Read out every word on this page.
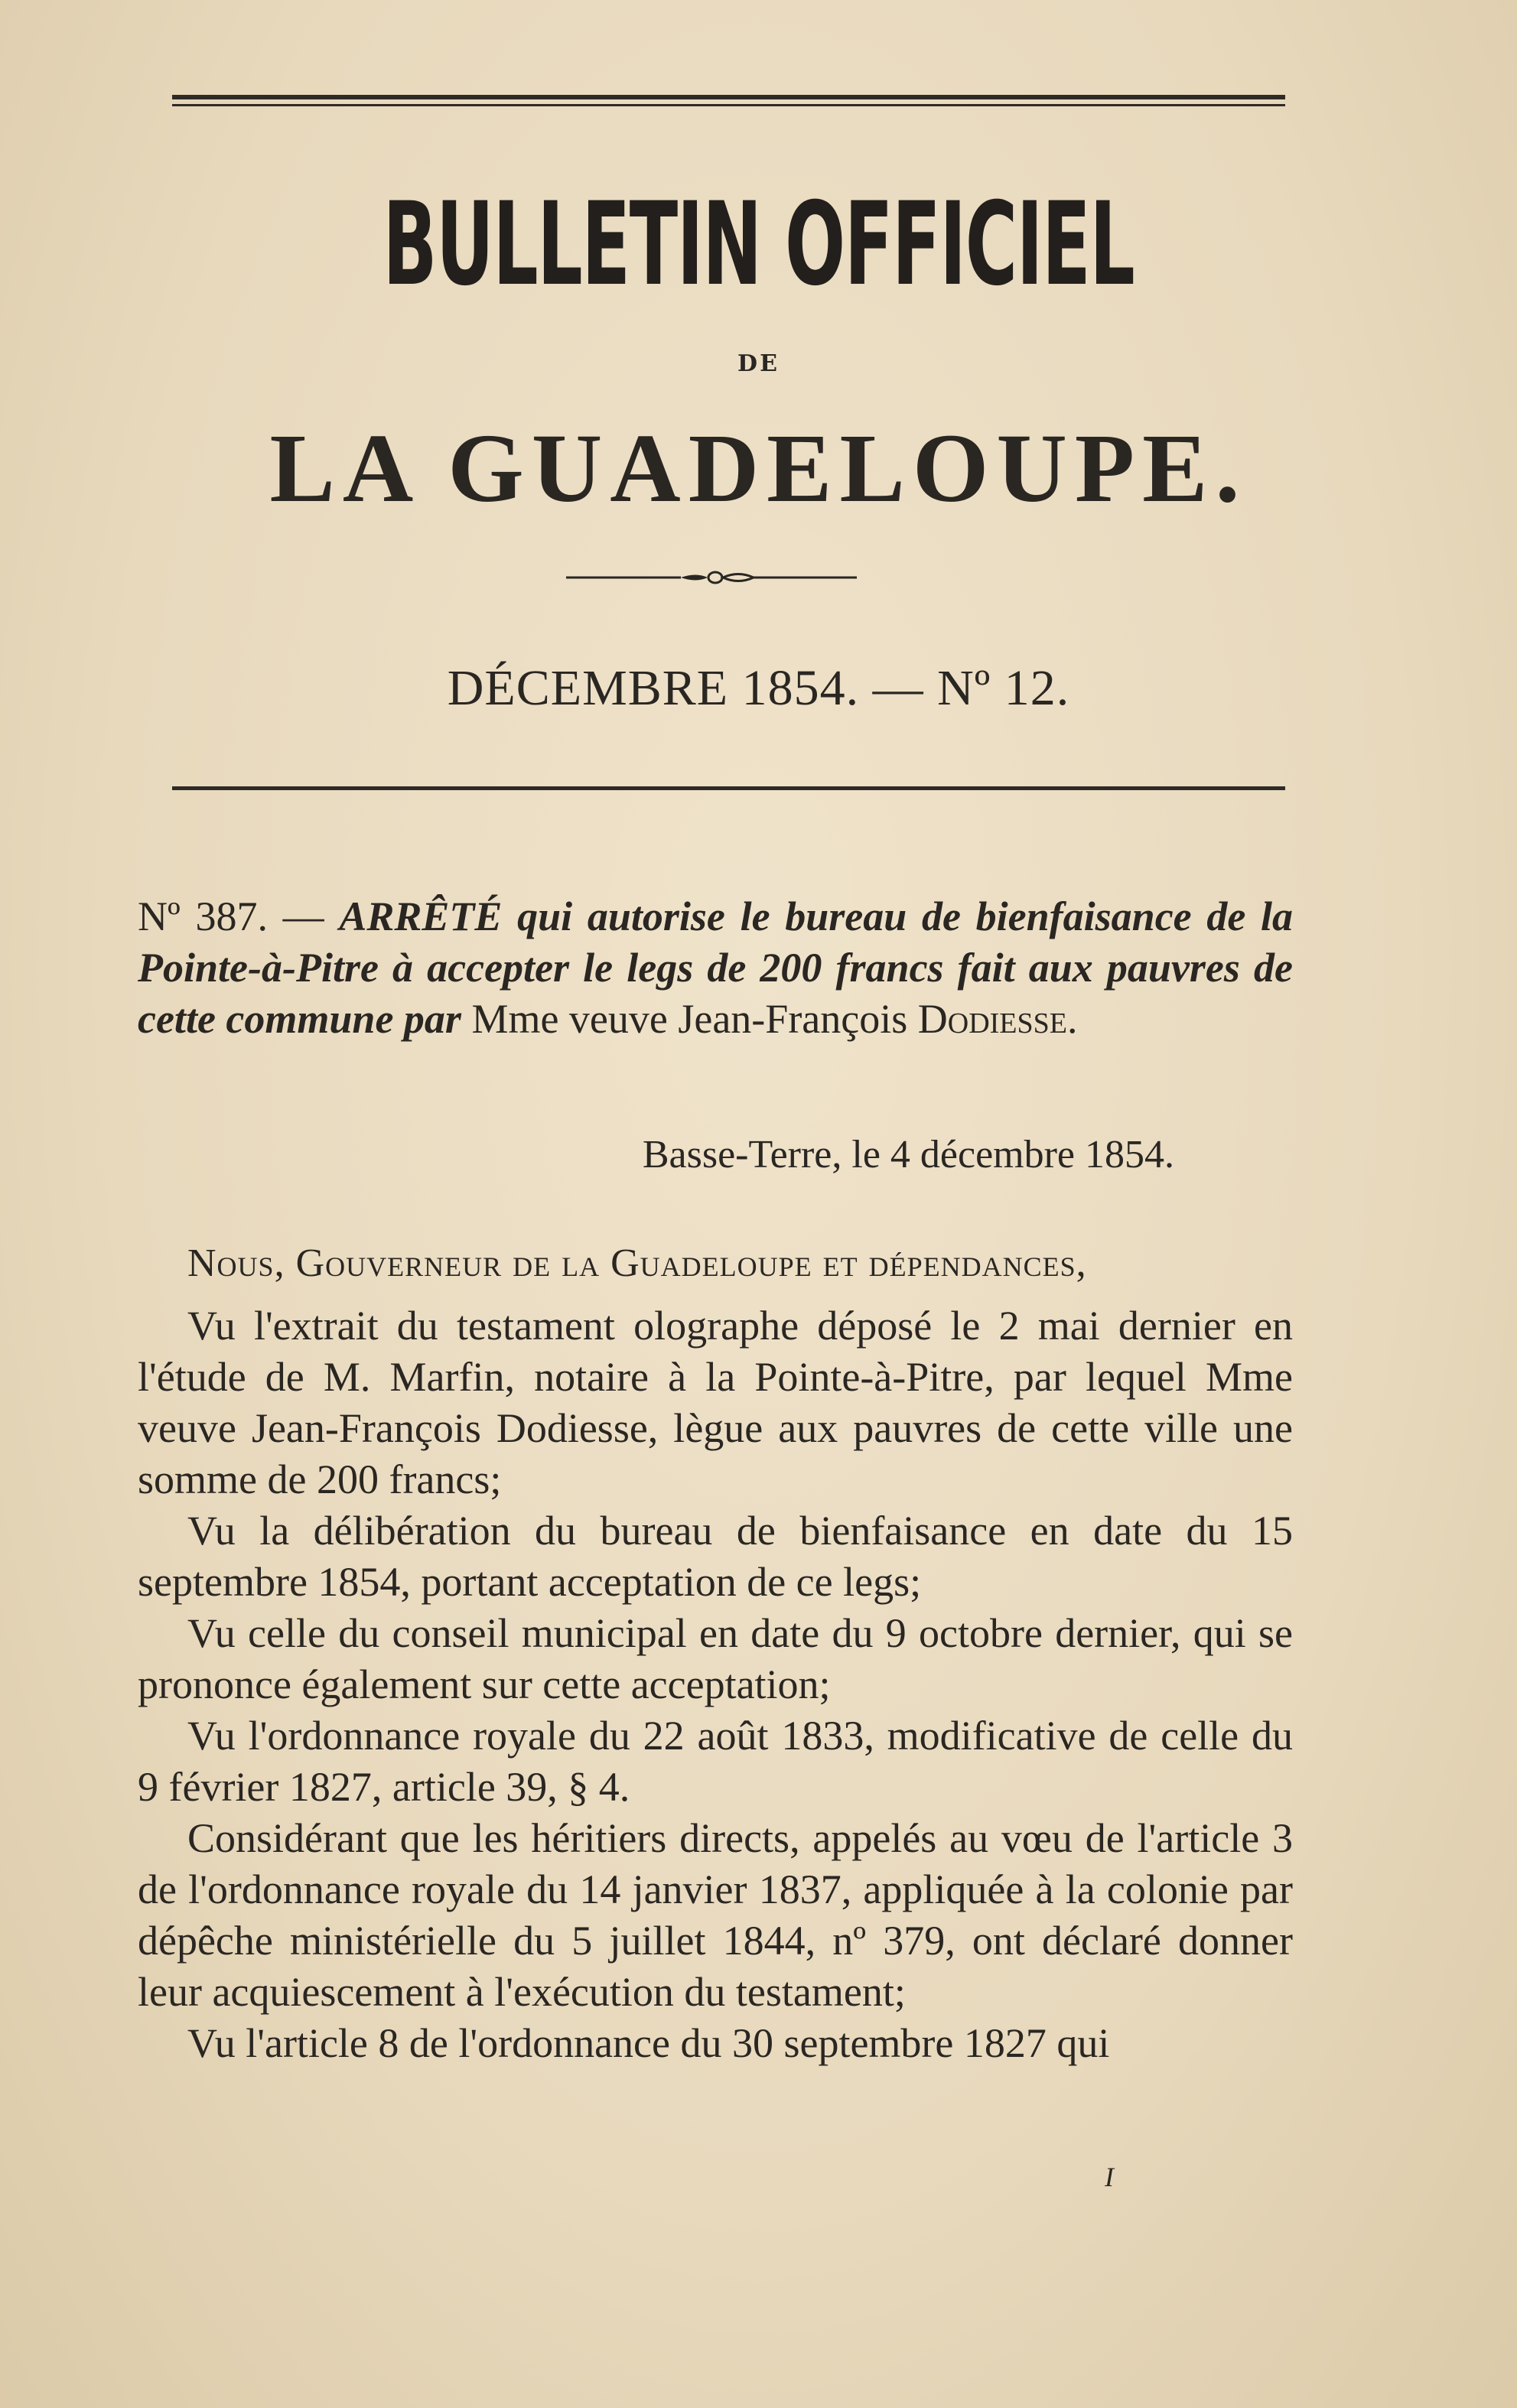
BULLETIN OFFICIEL
DE
LA GUADELOUPE.
DÉCEMBRE 1854. — Nº 12.
Nº 387. — ARRÊTÉ qui autorise le bureau de bienfaisance de la Pointe-à-Pitre à accepter le legs de 200 francs fait aux pauvres de cette commune par Mme veuve Jean-François Dodiesse.
Basse-Terre, le 4 décembre 1854.
Nous, Gouverneur de la Guadeloupe et dépendances,

Vu l'extrait du testament olographe déposé le 2 mai dernier en l'étude de M. Marfin, notaire à la Pointe-à-Pitre, par lequel Mme veuve Jean-François Dodiesse, lègue aux pauvres de cette ville une somme de 200 francs;

Vu la délibération du bureau de bienfaisance en date du 15 septembre 1854, portant acceptation de ce legs;

Vu celle du conseil municipal en date du 9 octobre dernier, qui se prononce également sur cette acceptation;

Vu l'ordonnance royale du 22 août 1833, modificative de celle du 9 février 1827, article 39, § 4.

Considérant que les héritiers directs, appelés au vœu de l'article 3 de l'ordonnance royale du 14 janvier 1837, appliquée à la colonie par dépêche ministérielle du 5 juillet 1844, nº 379, ont déclaré donner leur acquiescement à l'exécution du testament;

Vu l'article 8 de l'ordonnance du 30 septembre 1827 qui

I
